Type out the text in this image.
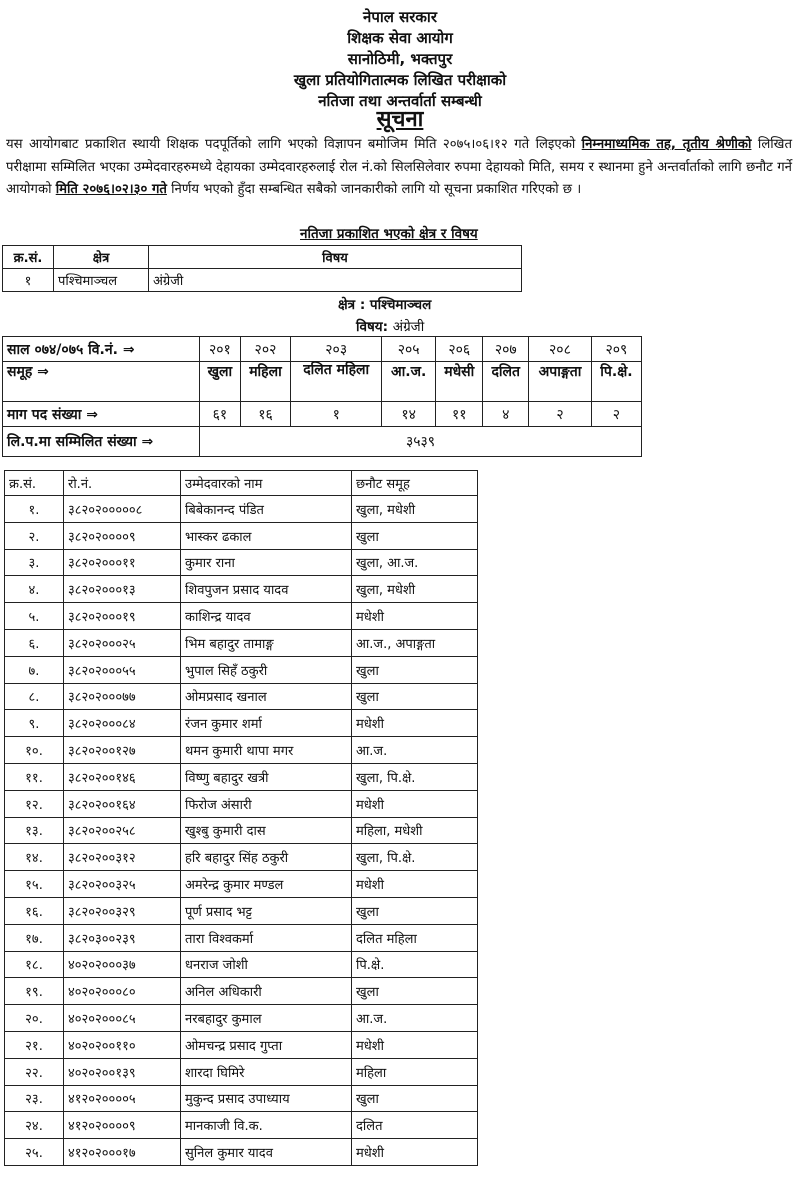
नेपाल सरकार
शिक्षक सेवा आयोग
सानोठिमी, भक्तपुर
खुला प्रतियोगितात्मक लिखित परीक्षाको
नतिजा तथा अन्तर्वार्ता सम्बन्धी
सूचना
यस आयोगबाट प्रकाशित स्थायी शिक्षक पदपूर्तिको लागि भएको विज्ञापन बमोजिम मिति २०७५।०६।१२ गते लिइएको निम्नमाध्यमिक तह, तृतीय श्रेणीको लिखित परीक्षामा सम्मिलित भएका उम्मेदवारहरुमध्ये देहायका उम्मेदवारहरुलाई रोल नं.को सिलसिलेवार रुपमा देहायको मिति, समय र स्थानमा हुने अन्तर्वार्ताको लागि छनौट गर्ने आयोगको मिति २०७६।०२।३० गते निर्णय भएको हुँदा सम्बन्धित सबैको जानकारीको लागि यो सूचना प्रकाशित गरिएको छ ।
नतिजा प्रकाशित भएको क्षेत्र र विषय
क्र.सं.	क्षेत्र	विषय
१	पश्चिमाञ्चल	अंग्रेजी
क्षेत्र : पश्चिमाञ्चल
विषय: अंग्रेजी
साल ०७४/०७५ वि.नं. ⇒	२०१	२०२	२०३	२०५	२०६	२०७	२०८	२०९
समूह ⇒	खुला	महिला	दलित महिला	आ.ज.	मधेसी	दलित	अपाङ्गता	पि.क्षे.
माग पद संख्या ⇒	६१	१६	१	१४	११	४	२	२
लि.प.मा सम्मिलित संख्या ⇒	३५३९							
क्र.सं.	रो.नं.	उम्मेदवारको नाम	छनौट समूह
१.	३८२०२०००००८	बिबेकानन्द पंडित	खुला, मधेशी
२.	३८२०२००००९	भास्कर ढकाल	खुला
३.	३८२०२०००११	कुमार राना	खुला, आ.ज.
४.	३८२०२०००१३	शिवपुजन प्रसाद यादव	खुला, मधेशी
५.	३८२०२०००१९	काशिन्द्र यादव	मधेशी
६.	३८२०२०००२५	भिम बहादुर तामाङ्ग	आ.ज., अपाङ्गता
७.	३८२०२०००५५	भुपाल सिहँ ठकुरी	खुला
८.	३८२०२०००७७	ओमप्रसाद खनाल	खुला
९.	३८२०२०००८४	रंजन कुमार शर्मा	मधेशी
१०.	३८२०२००१२७	थमन कुमारी थापा मगर	आ.ज.
११.	३८२०२००१४६	विष्णु बहादुर खत्री	खुला, पि.क्षे.
१२.	३८२०२००१६४	फिरोज अंसारी	मधेशी
१३.	३८२०२००२५८	खुश्बु कुमारी दास	महिला, मधेशी
१४.	३८२०२००३१२	हरि बहादुर सिंह ठकुरी	खुला, पि.क्षे.
१५.	३८२०२००३२५	अमरेन्द्र कुमार मण्डल	मधेशी
१६.	३८२०२००३२९	पूर्ण प्रसाद भट्ट	खुला
१७.	३८२०३००२३९	तारा विश्वकर्मा	दलित महिला
१८.	४०२०२०००३७	धनराज जोशी	पि.क्षे.
१९.	४०२०२०००८०	अनिल अधिकारी	खुला
२०.	४०२०२०००८५	नरबहादुर कुमाल	आ.ज.
२१.	४०२०२००११०	ओमचन्द्र प्रसाद गुप्ता	मधेशी
२२.	४०२०२००१३९	शारदा घिमिरे	महिला
२३.	४१२०२००००५	मुकुन्द प्रसाद उपाध्याय	खुला
२४.	४१२०२००००९	मानकाजी वि.क.	दलित
२५.	४१२०२०००१७	सुनिल कुमार यादव	मधेशी
